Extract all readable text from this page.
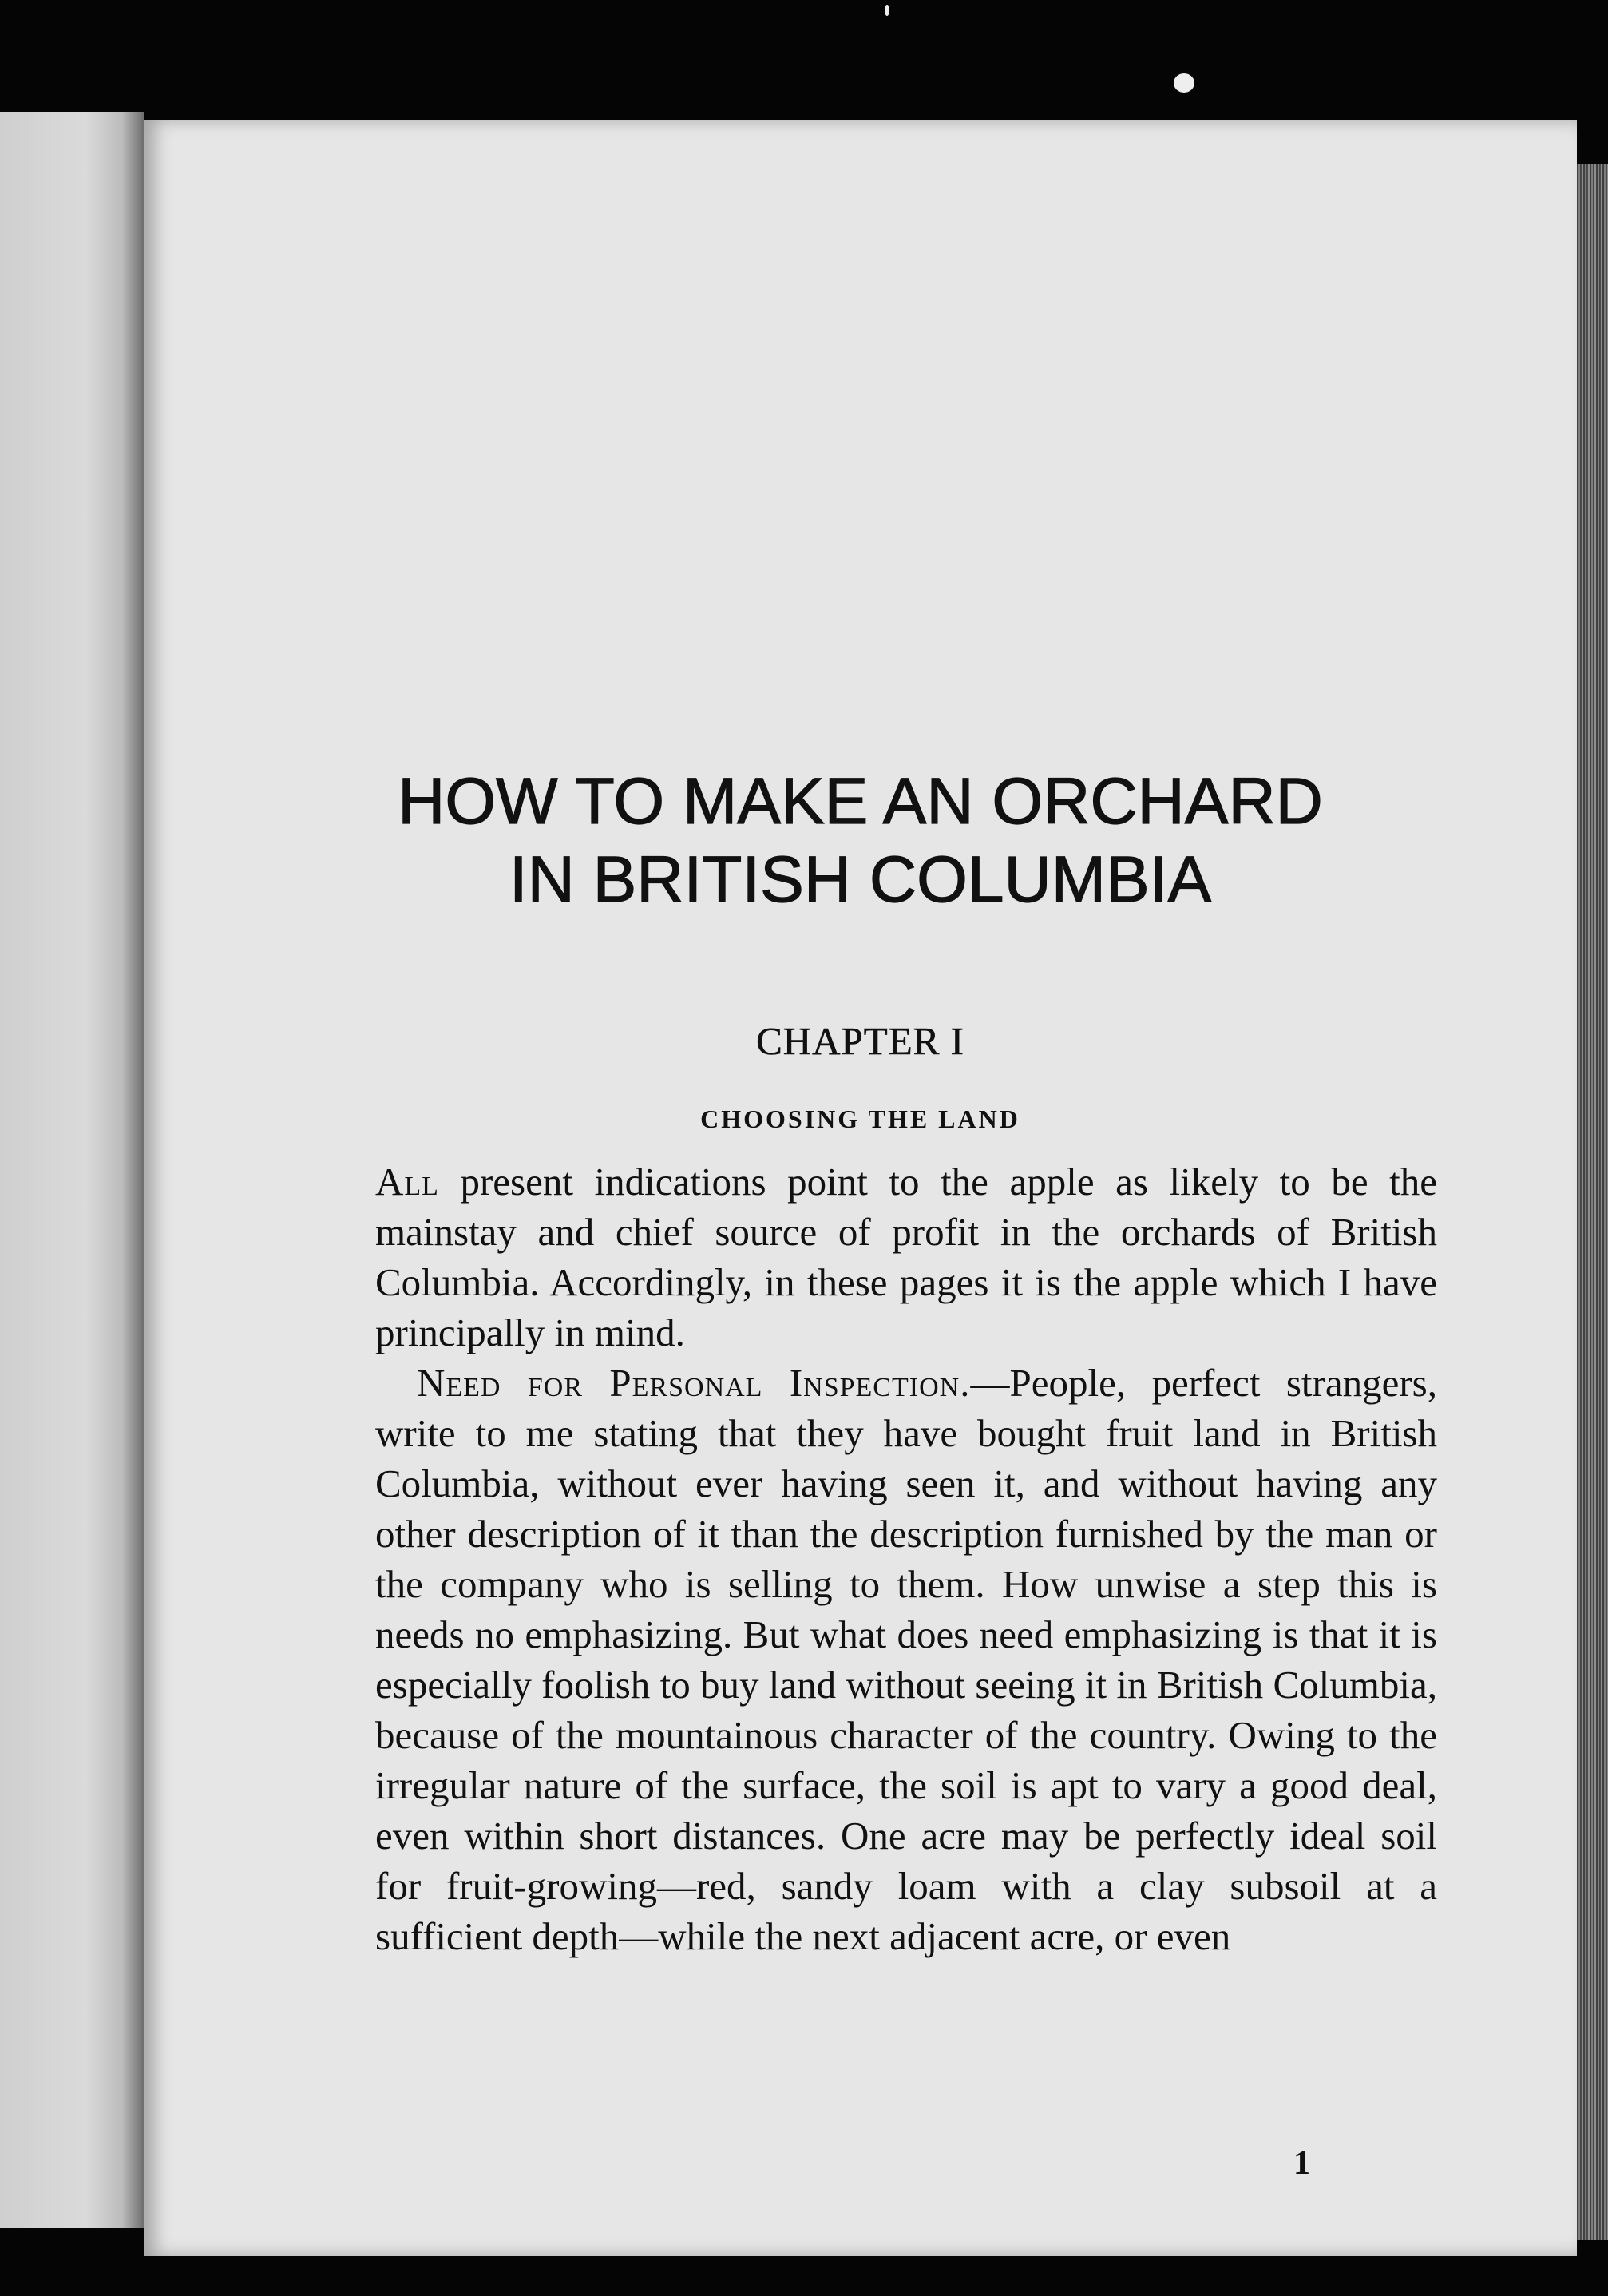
HOW TO MAKE AN ORCHARD
IN BRITISH COLUMBIA
CHAPTER I
CHOOSING THE LAND

All present indications point to the apple as likely to be the mainstay and chief source of profit in the orchards of British Columbia. Accordingly, in these pages it is the apple which I have principally in mind.

Need for Personal Inspection.—People, perfect strangers, write to me stating that they have bought fruit land in British Columbia, without ever having seen it, and without having any other description of it than the description furnished by the man or the company who is selling to them. How unwise a step this is needs no emphasizing. But what does need emphasizing is that it is especially foolish to buy land without seeing it in British Columbia, because of the mountainous character of the country. Owing to the irregular nature of the surface, the soil is apt to vary a good deal, even within short distances. One acre may be perfectly ideal soil for fruit-growing—red, sandy loam with a clay subsoil at a sufficient depth—while the next adjacent acre, or even

1
